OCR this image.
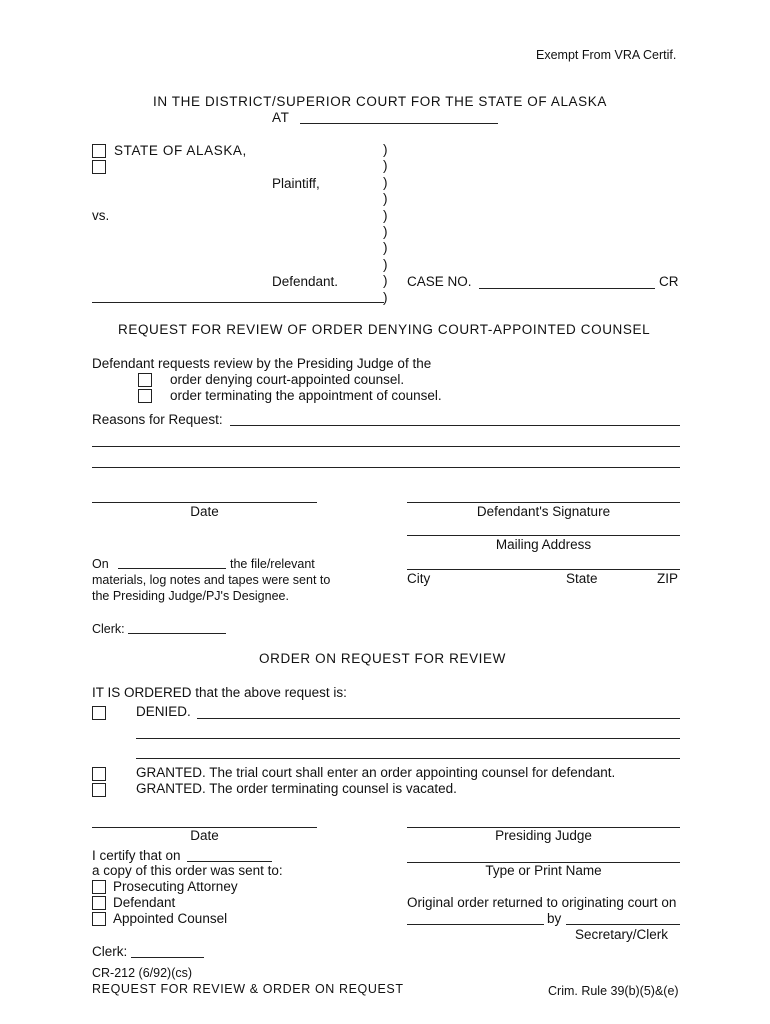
Exempt From VRA Certif.
IN THE DISTRICT/SUPERIOR COURT FOR THE STATE OF ALASKA
AT
STATE OF ALASKA,
Plaintiff,
vs.
Defendant.
)
)
)
)
)
)
)
)
)
)
CASE NO.	CR
REQUEST FOR REVIEW OF ORDER DENYING COURT-APPOINTED COUNSEL
Defendant requests review by the Presiding Judge of the
order denying court-appointed counsel.
order terminating the appointment of counsel.
Reasons for Request:
Date	Defendant's Signature
Mailing Address
City	State	ZIP
On	the file/relevant
materials, log notes and tapes were sent to
the Presiding Judge/PJ's Designee.
Clerk:
ORDER ON REQUEST FOR REVIEW
IT IS ORDERED that the above request is:
DENIED.
GRANTED. The trial court shall enter an order appointing counsel for defendant.
GRANTED. The order terminating counsel is vacated.
Date	Presiding Judge
I certify that on
a copy of this order was sent to:
Prosecuting Attorney
Defendant
Appointed Counsel
Type or Print Name
Original order returned to originating court on
by
Secretary/Clerk
Clerk:
CR-212 (6/92)(cs)
REQUEST FOR REVIEW & ORDER ON REQUEST	Crim. Rule 39(b)(5)&(e)
